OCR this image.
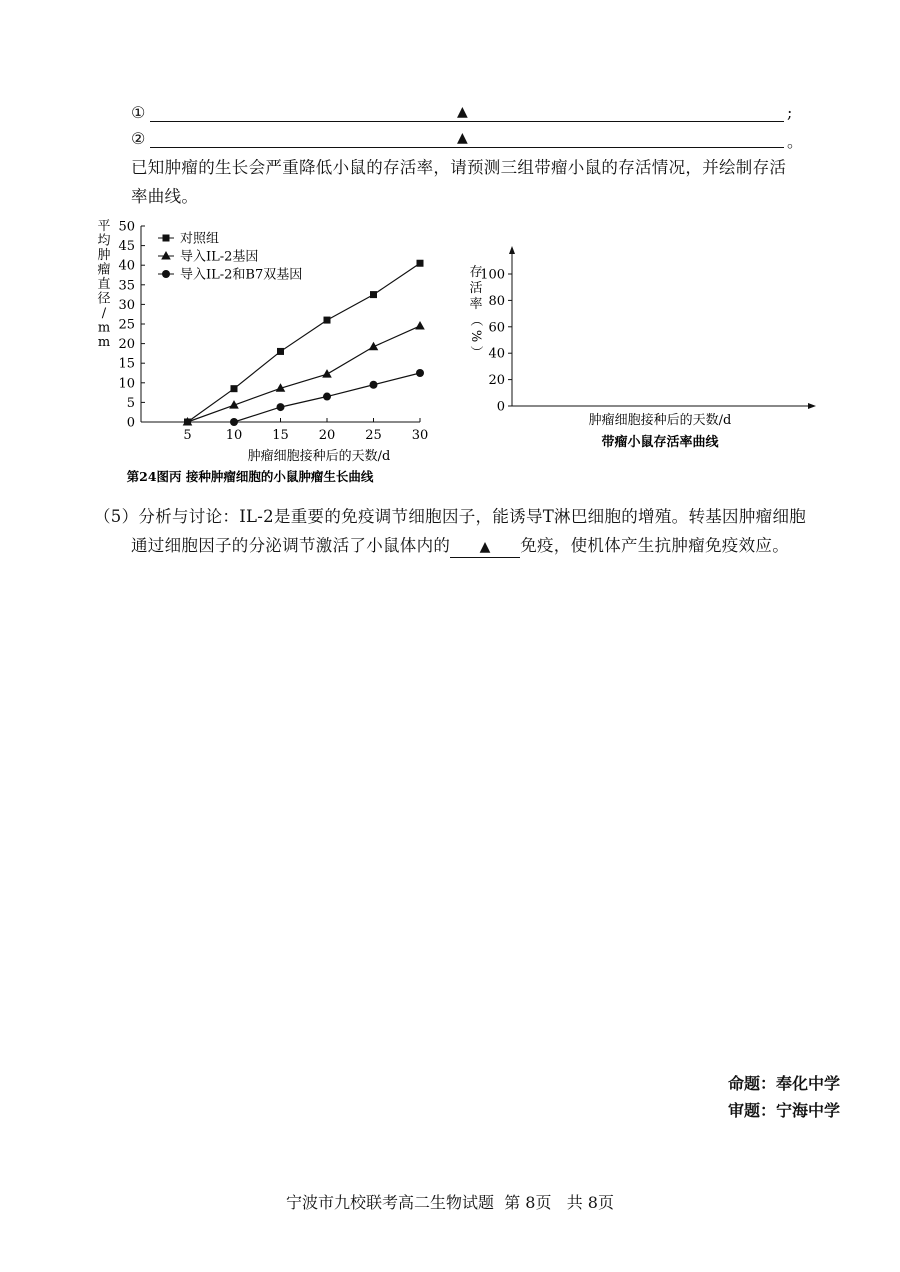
①	▲	;
②	▲	。
已知肿瘤的生长会严重降低小鼠的存活率，请预测三组带瘤小鼠的存活情况，并绘制存活
率曲线。
平
均
肿
瘤
直
径
/
m
m
0
5
10
15
20
25
30
35
40
45
50
5	10 15 20 25 30
对照组
导入IL-2基因
导入IL-2和B7双基因
肿瘤细胞接种后的天数/d
第24图丙 接种肿瘤细胞的小鼠肿瘤生长曲线
存
活
率
（
%
）
0
20
40
60
80
100
肿瘤细胞接种后的天数/d
带瘤小鼠存活率曲线
（5）分析与讨论：IL-2是重要的免疫调节细胞因子，能诱导T淋巴细胞的增殖。转基因肿瘤细胞
通过细胞因子的分泌调节激活了小鼠体内的 ▲ 免疫，使机体产生抗肿瘤免疫效应。
命题：奉化中学
审题：宁海中学
宁波市九校联考高二生物试题  第 8页   共 8页
